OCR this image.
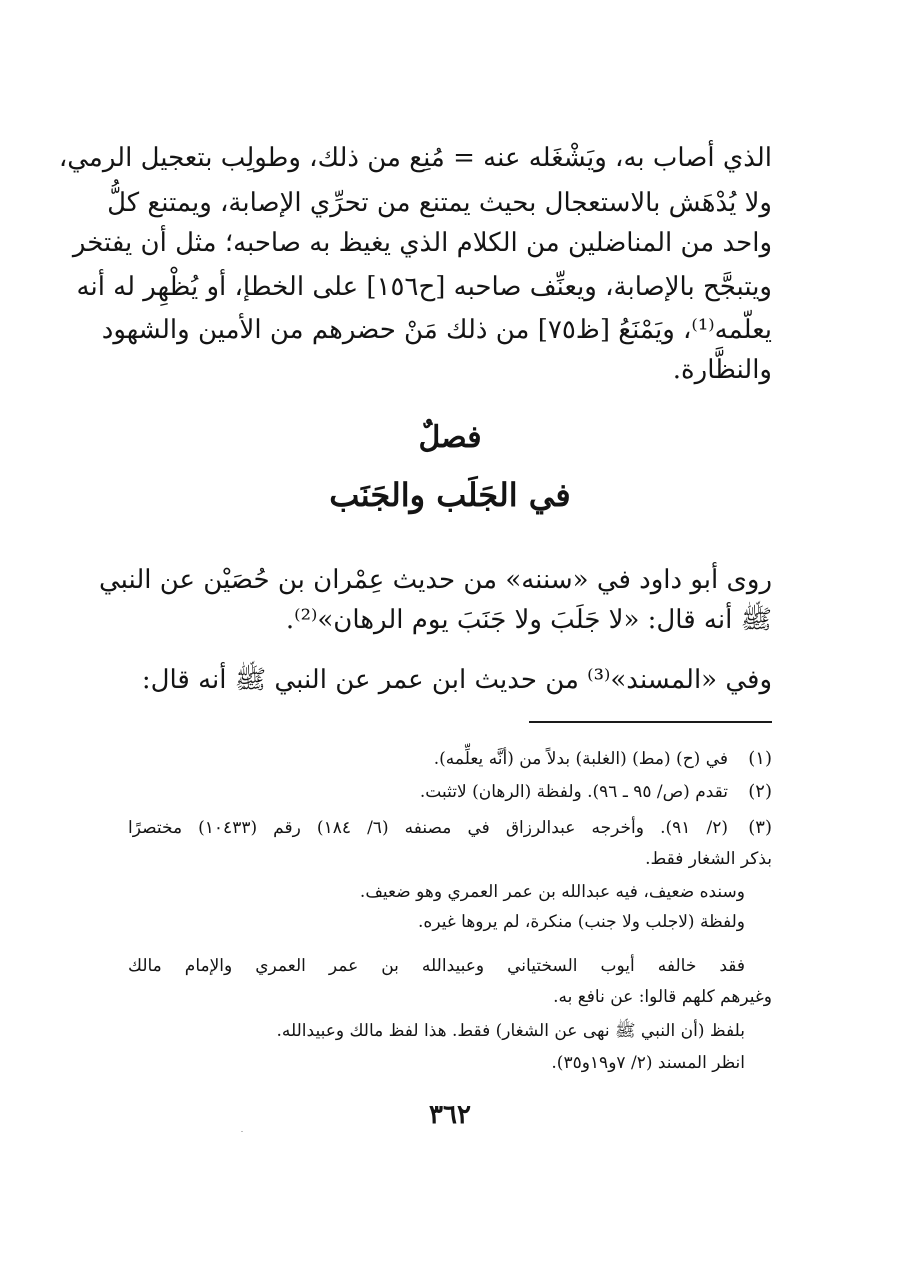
الذي أصاب به، ويَشْغَله عنه = مُنِع من ذلك، وطولِب بتعجيل الرمي،
ولا يُدْهَش بالاستعجال بحيث يمتنع من تحرِّي الإصابة، ويمتنع كلُّ
واحد من المناضلين من الكلام الذي يغيظ به صاحبه؛ مثل أن يفتخر
ويتبجَّح بالإصابة، ويعنِّف صاحبه [ح١٥٦] على الخطإ، أو يُظْهِر له أنه
يعلّمه⁽¹⁾، ويَمْنَعُ [ظ٧٥] من ذلك مَنْ حضرهم من الأمين والشهود
والنظَّارة.
فصلٌ
في الجَلَب والجَنَب
روى أبو داود في «سننه» من حديث عِمْران بن حُصَيْن عن النبي
ﷺ أنه قال: «لا جَلَبَ ولا جَنَبَ يوم الرهان»⁽²⁾.
وفي «المسند»⁽³⁾ من حديث ابن عمر عن النبي ﷺ أنه قال:
(١)
في (ح) (مط) (الغلبة) بدلاً من (أنَّه يعلِّمه).
(٢)
تقدم (ص/ ٩٥ ـ ٩٦). ولفظة (الرهان) لاتثبت.
(٣)
(٢/ ٩١). وأخرجه عبدالرزاق في مصنفه (٦/ ١٨٤) رقم (١٠٤٣٣) مختصرًا
بذكر الشغار فقط.
وسنده ضعيف، فيه عبدالله بن عمر العمري وهو ضعيف.
ولفظة (لاجلب ولا جنب) منكرة، لم يروها غيره.
فقد خالفه أيوب السختياني وعبيدالله بن عمر العمري والإمام مالك
وغيرهم كلهم قالوا: عن نافع به.
بلفظ (أن النبي ﷺ نهى عن الشغار) فقط. هذا لفظ مالك وعبيدالله.
انظر المسند (٢/ ٧و١٩و٣٥).
٣٦٢
